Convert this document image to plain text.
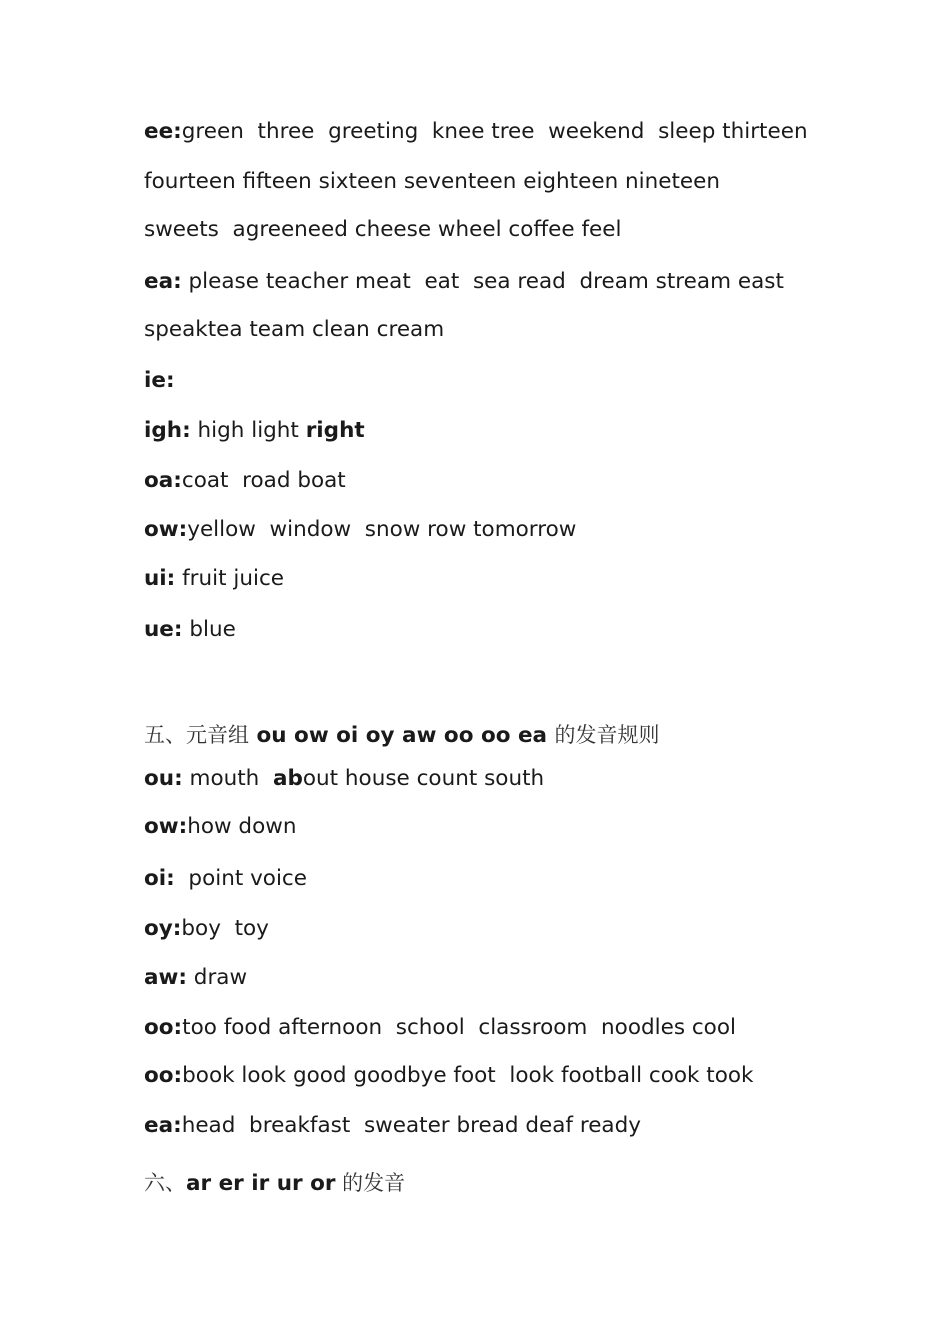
ee:green  three  greeting  knee tree  weekend  sleep thirteen
fourteen fifteen sixteen seventeen eighteen nineteen
sweets  agreeneed cheese wheel coffee feel
ea: please teacher meat  eat  sea read  dream stream east
speaktea team clean cream
ie:
igh: high light right
oa:coat  road boat
ow:yellow  window  snow row tomorrow
ui: fruit juice
ue: blue
五、元音组 ou ow oi oy aw oo oo ea 的发音规则
ou: mouth  about house count south
ow:how down
oi:  point voice
oy:boy  toy
aw: draw
oo:too food afternoon  school  classroom  noodles cool
oo:book look good goodbye foot  look football cook took
ea:head  breakfast  sweater bread deaf ready
六、ar er ir ur or 的发音
